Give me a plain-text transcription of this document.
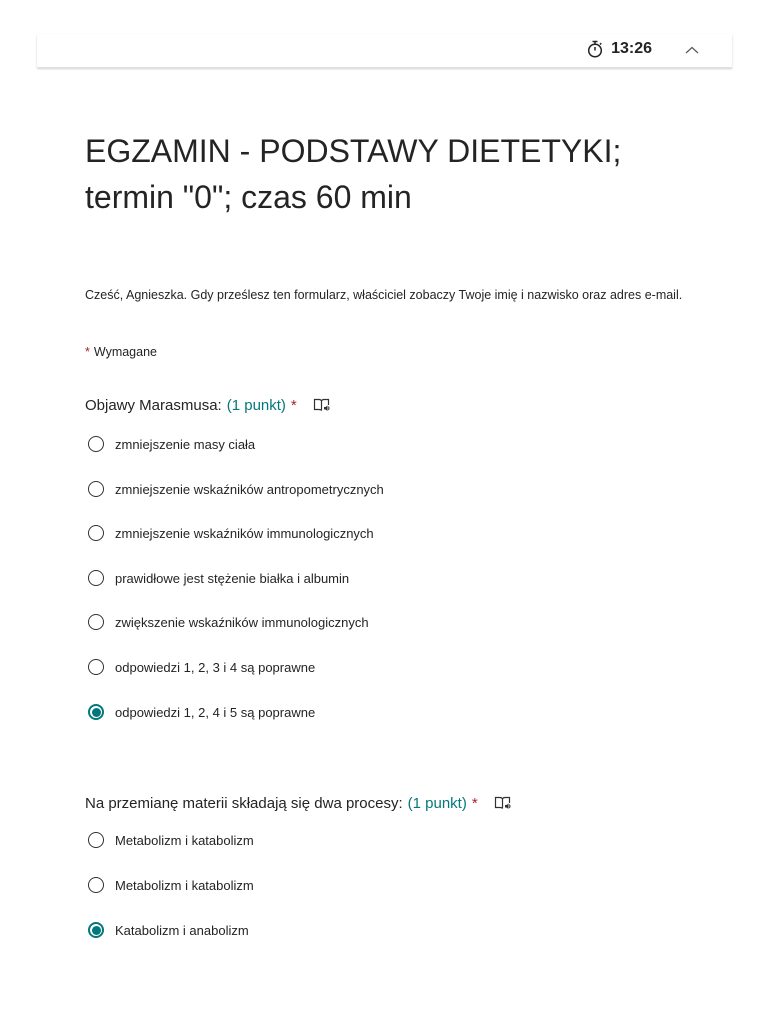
13:26
EGZAMIN - PODSTAWY DIETETYKI; termin "0"; czas 60 min
Cześć, Agnieszka. Gdy prześlesz ten formularz, właściciel zobaczy Twoje imię i nazwisko oraz adres e-mail.
* Wymagane
Objawy Marasmusa: (1 punkt) *
zmniejszenie masy ciała
zmniejszenie wskaźników antropometrycznych
zmniejszenie wskaźników immunologicznych
prawidłowe jest stężenie białka i albumin
zwiększenie wskaźników immunologicznych
odpowiedzi 1, 2, 3 i 4 są poprawne
odpowiedzi 1, 2, 4 i 5 są poprawne
Na przemianę materii składają się dwa procesy: (1 punkt) *
Metabolizm i katabolizm
Metabolizm i katabolizm
Katabolizm i anabolizm
